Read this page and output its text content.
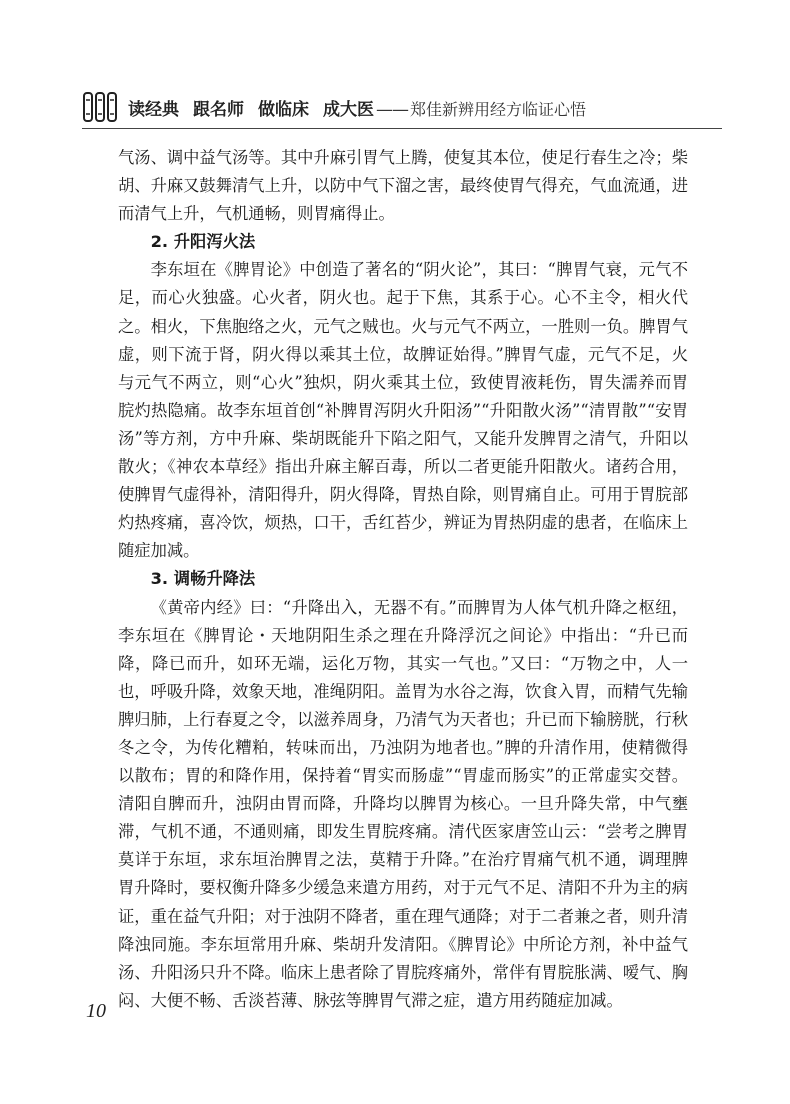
读经典 跟名师 做临床 成大医 —— 郑佳新辨用经方临证心悟

气汤、调中益气汤等。其中升麻引胃气上腾，使复其本位，使足行春生之冷；柴胡、升麻又鼓舞清气上升，以防中气下溜之害，最终使胃气得充，气血流通，进而清气上升，气机通畅，则胃痛得止。

2. 升阳泻火法

李东垣在《脾胃论》中创造了著名的“阴火论”，其曰：“脾胃气衰，元气不足，而心火独盛。心火者，阴火也。起于下焦，其系于心。心不主令，相火代之。相火，下焦胞络之火，元气之贼也。火与元气不两立，一胜则一负。脾胃气虚，则下流于肾，阴火得以乘其土位，故脾证始得。”脾胃气虚，元气不足，火与元气不两立，则“心火”独炽，阴火乘其土位，致使胃液耗伤，胃失濡养而胃脘灼热隐痛。故李东垣首创“补脾胃泻阴火升阳汤”“升阳散火汤”“清胃散”“安胃汤”等方剂，方中升麻、柴胡既能升下陷之阳气，又能升发脾胃之清气，升阳以散火；《神农本草经》指出升麻主解百毒，所以二者更能升阳散火。诸药合用，使脾胃气虚得补，清阳得升，阴火得降，胃热自除，则胃痛自止。可用于胃脘部灼热疼痛，喜冷饮，烦热，口干，舌红苔少，辨证为胃热阴虚的患者，在临床上随症加减。

3. 调畅升降法

《黄帝内经》曰：“升降出入，无器不有。”而脾胃为人体气机升降之枢纽，李东垣在《脾胃论・天地阴阳生杀之理在升降浮沉之间论》中指出：“升已而降，降已而升，如环无端，运化万物，其实一气也。”又曰：“万物之中，人一也，呼吸升降，效象天地，准绳阴阳。盖胃为水谷之海，饮食入胃，而精气先输脾归肺，上行春夏之令，以滋养周身，乃清气为天者也；升已而下输膀胱，行秋冬之令，为传化糟粕，转味而出，乃浊阴为地者也。”脾的升清作用，使精微得以散布；胃的和降作用，保持着“胃实而肠虚”“胃虚而肠实”的正常虚实交替。清阳自脾而升，浊阴由胃而降，升降均以脾胃为核心。一旦升降失常，中气壅滞，气机不通，不通则痛，即发生胃脘疼痛。清代医家唐笠山云：“尝考之脾胃莫详于东垣，求东垣治脾胃之法，莫精于升降。”在治疗胃痛气机不通，调理脾胃升降时，要权衡升降多少缓急来遣方用药，对于元气不足、清阳不升为主的病证，重在益气升阳；对于浊阴不降者，重在理气通降；对于二者兼之者，则升清降浊同施。李东垣常用升麻、柴胡升发清阳。《脾胃论》中所论方剂，补中益气汤、升阳汤只升不降。临床上患者除了胃脘疼痛外，常伴有胃脘胀满、嗳气、胸闷、大便不畅、舌淡苔薄、脉弦等脾胃气滞之症，遣方用药随症加减。

10
